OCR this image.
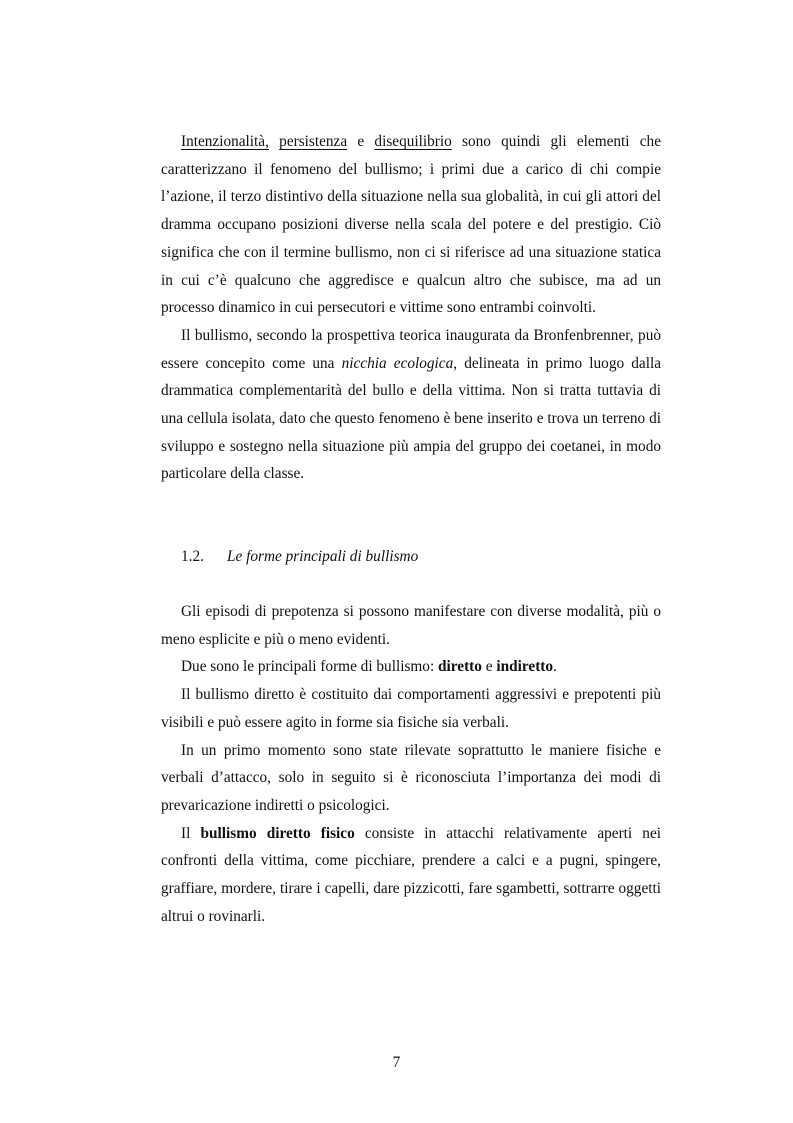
Intenzionalità, persistenza e disequilibrio sono quindi gli elementi che caratterizzano il fenomeno del bullismo; i primi due a carico di chi compie l’azione, il terzo distintivo della situazione nella sua globalità, in cui gli attori del dramma occupano posizioni diverse nella scala del potere e del prestigio. Ciò significa che con il termine bullismo, non ci si riferisce ad una situazione statica in cui c’è qualcuno che aggredisce e qualcun altro che subisce, ma ad un processo dinamico in cui persecutori e vittime sono entrambi coinvolti.

Il bullismo, secondo la prospettiva teorica inaugurata da Bronfenbrenner, può essere concepito come una nicchia ecologica, delineata in primo luogo dalla drammatica complementarità del bullo e della vittima. Non si tratta tuttavia di una cellula isolata, dato che questo fenomeno è bene inserito e trova un terreno di sviluppo e sostegno nella situazione più ampia del gruppo dei coetanei, in modo particolare della classe.

1.2. Le forme principali di bullismo

Gli episodi di prepotenza si possono manifestare con diverse modalità, più o meno esplicite e più o meno evidenti.

Due sono le principali forme di bullismo: diretto e indiretto.

Il bullismo diretto è costituito dai comportamenti aggressivi e prepotenti più visibili e può essere agito in forme sia fisiche sia verbali.

In un primo momento sono state rilevate soprattutto le maniere fisiche e verbali d’attacco, solo in seguito si è riconosciuta l’importanza dei modi di prevaricazione indiretti o psicologici.

Il bullismo diretto fisico consiste in attacchi relativamente aperti nei confronti della vittima, come picchiare, prendere a calci e a pugni, spingere, graffiare, mordere, tirare i capelli, dare pizzicotti, fare sgambetti, sottrarre oggetti altrui o rovinarli.

7
